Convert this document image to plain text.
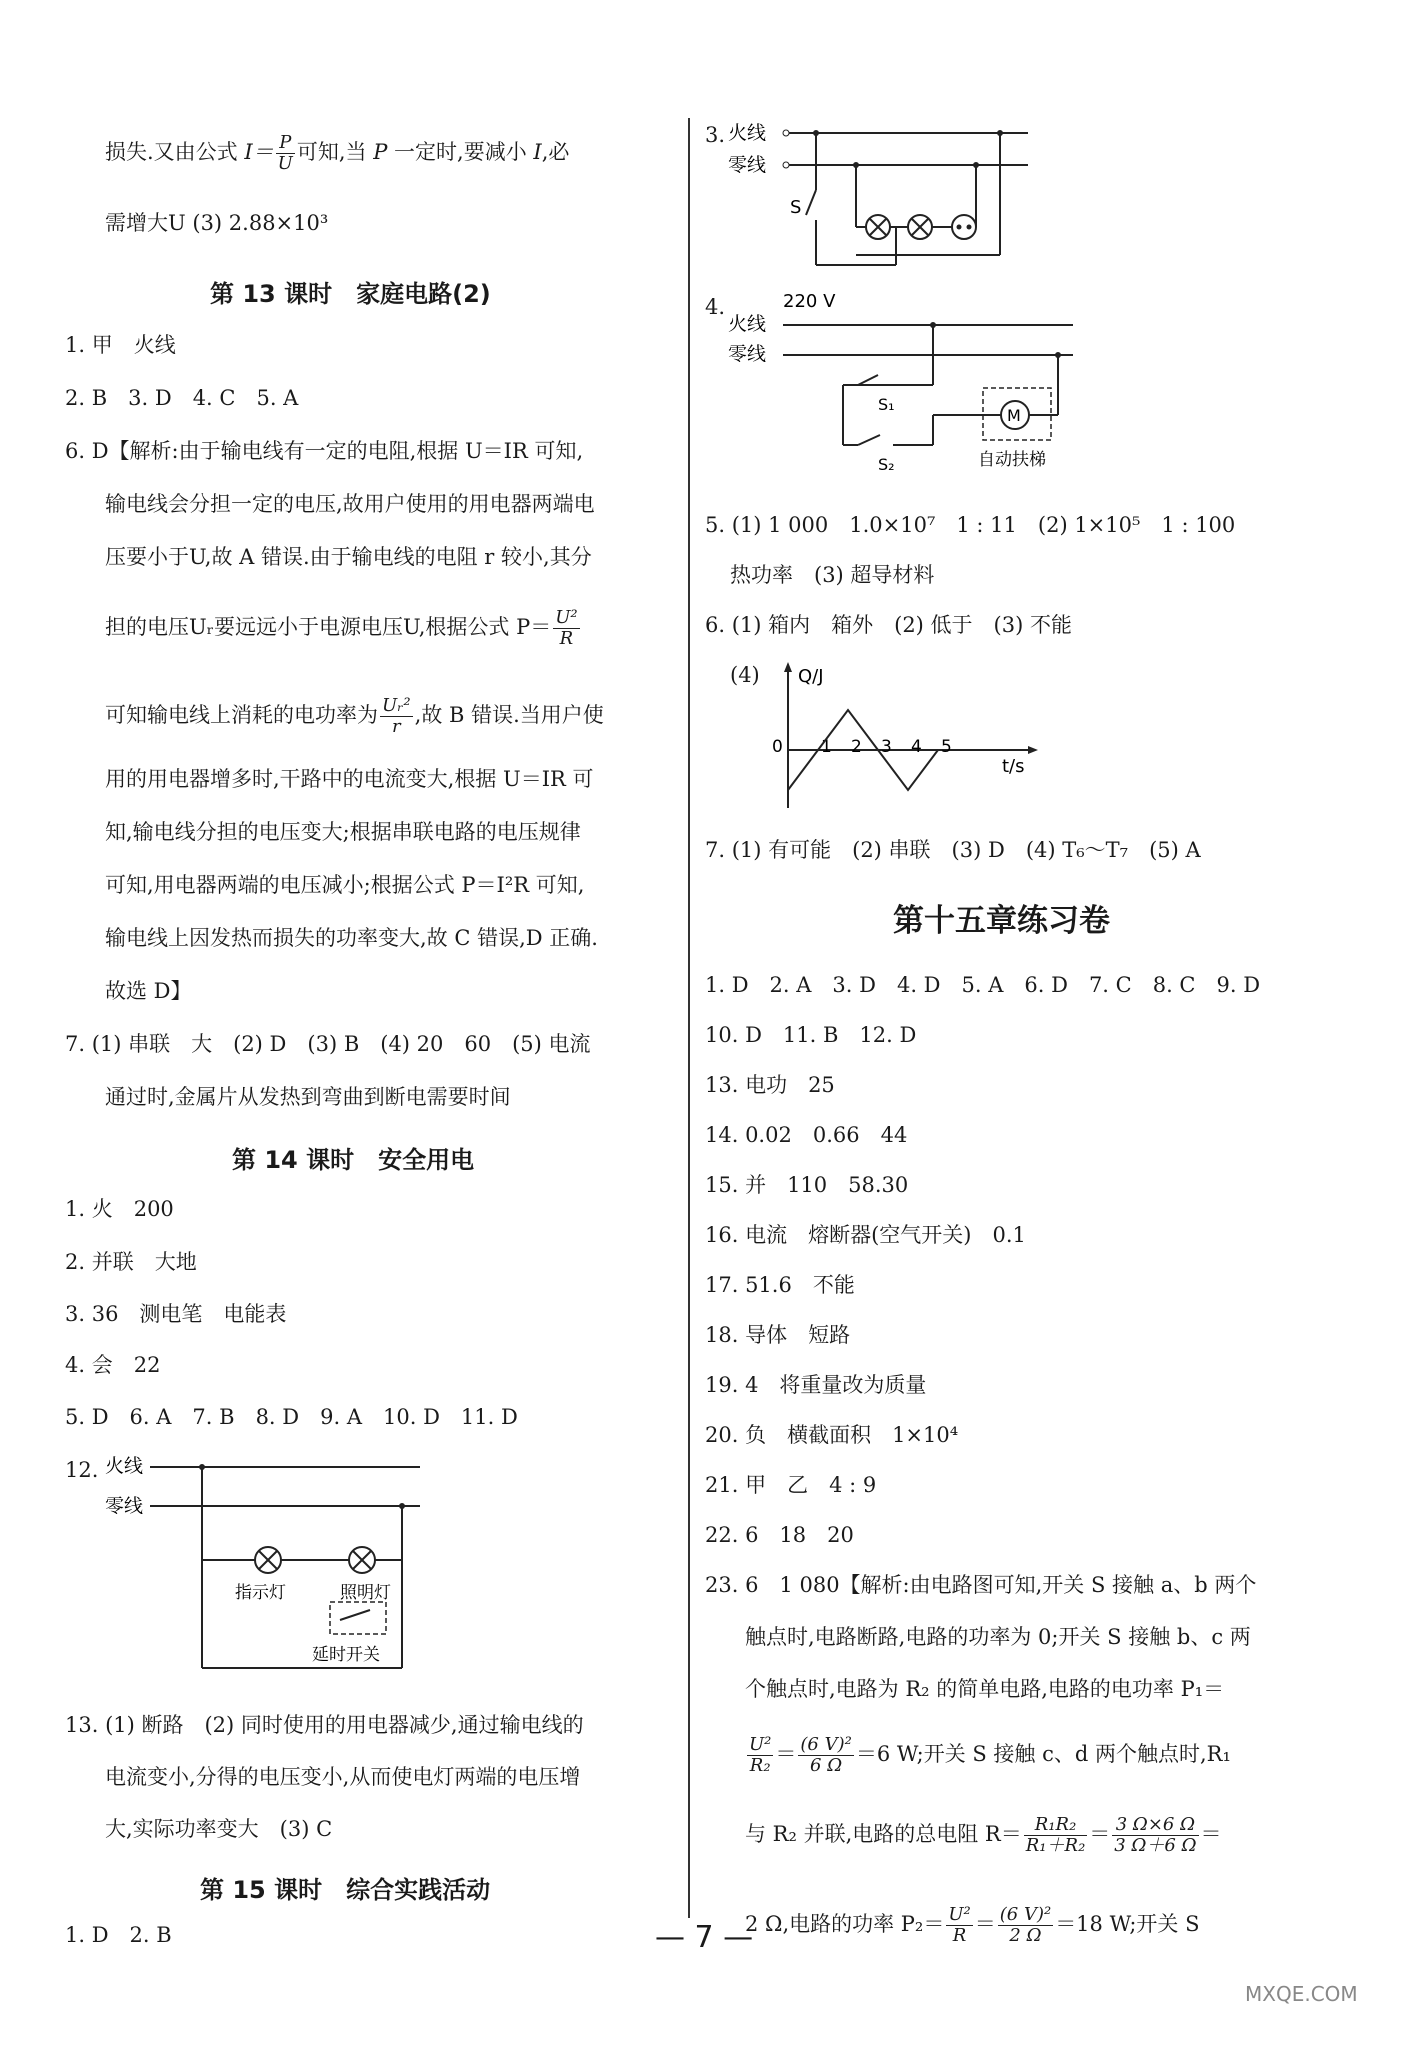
损失.又由公式 $I= \frac{P}{U}$ 可知,当 P 一定时,要减小 I,必
需增大U (3) 2.88×10³
第 13 课时　家庭电路(2)
1. 甲　火线
2. B　3. D　4. C　5. A
6. D【解析:由于输电线有一定的电阻,根据 U＝IR 可知,
输电线会分担一定的电压,故用户使用的用电器两端电
压要小于U,故 A 错误.由于输电线的电阻 r 较小,其分
担的电压Uᵣ要远远小于电源电压U,根据公式 $P= \frac{\text{U²}}{R}$
可知输电线上消耗的电功率为 $\frac{\text{Uᵣ²}}{r}$ ,故 B 错误.当用户使
用的用电器增多时,干路中的电流变大,根据 U＝IR 可
知,输电线分担的电压变大;根据串联电路的电压规律
可知,用电器两端的电压减小;根据公式 P＝I²R 可知,
输电线上因发热而损失的功率变大,故 C 错误,D 正确.
故选 D】
7. (1) 串联　大　(2) D　(3) B　(4) 20　60　(5) 电流
通过时,金属片从发热到弯曲到断电需要时间
第 14 课时　安全用电
1. 火　200
2. 并联　大地
3. 36　测电笔　电能表
4. 会　22
5. D　6. A　7. B　8. D　9. A　10. D　11. D
12. 火线
零线
指示灯	照明灯
延时开关
13. (1) 断路　(2) 同时使用的用电器减少,通过输电线的
电流变小,分得的电压变小,从而使电灯两端的电压增
大,实际功率变大　(3) C
第 15 课时　综合实践活动
1. D　2. B
3. 火线
零线
S
4.	220 V
火线
零线
S₁
S₂
M
自动扶梯
5. (1) 1 000　1.0×10⁷　1 : 11　(2) 1×10⁵　1 : 100
热功率　(3) 超导材料
6. (1) 箱内　箱外　(2) 低于　(3) 不能
(4) Q/J
t/s
0 1 2 3 4 5
7. (1) 有可能　(2) 串联　(3) D　(4) T₆～T₇　(5) A
第十五章练习卷
1. D　2. A　3. D　4. D　5. A　6. D　7. C　8. C　9. D
10. D　11. B　12. D
13. 电功　25
14. 0.02　0.66　44
15. 并　110　58.30
16. 电流　熔断器(空气开关)　0.1
17. 51.6　不能
18. 导体　短路
19. 4　将重量改为质量
20. 负　横截面积　1×10⁴
21. 甲　乙　4 : 9
22. 6　18　20
23. 6　1 080【解析:由电路图可知,开关 S 接触 a、b 两个
触点时,电路断路,电路的功率为 0;开关 S 接触 b、c 两
个触点时,电路为 R₂ 的简单电路,电路的电功率 P₁＝
$\frac{\text{U²}}{\text{R₂}} = \frac{\text{(6 V)²}}{6 \Omega} =6$ W;开关 S 接触 c、d 两个触点时,R₁
与 R₂ 并联,电路的总电阻 $R= \frac{\text{R₁R₂}}{\text{R₁＋R₂}} = \frac{3 \Omega\times 6 \Omega}{3 \Omega+6 \Omega}$ ＝
2 Ω,电路的功率 $P_2= \frac{\text{U²}}{R} = \frac{\text{(6 V)²}}{2 \Omega} =18$ W;开关 S
— 7 —
MXQE.COM
